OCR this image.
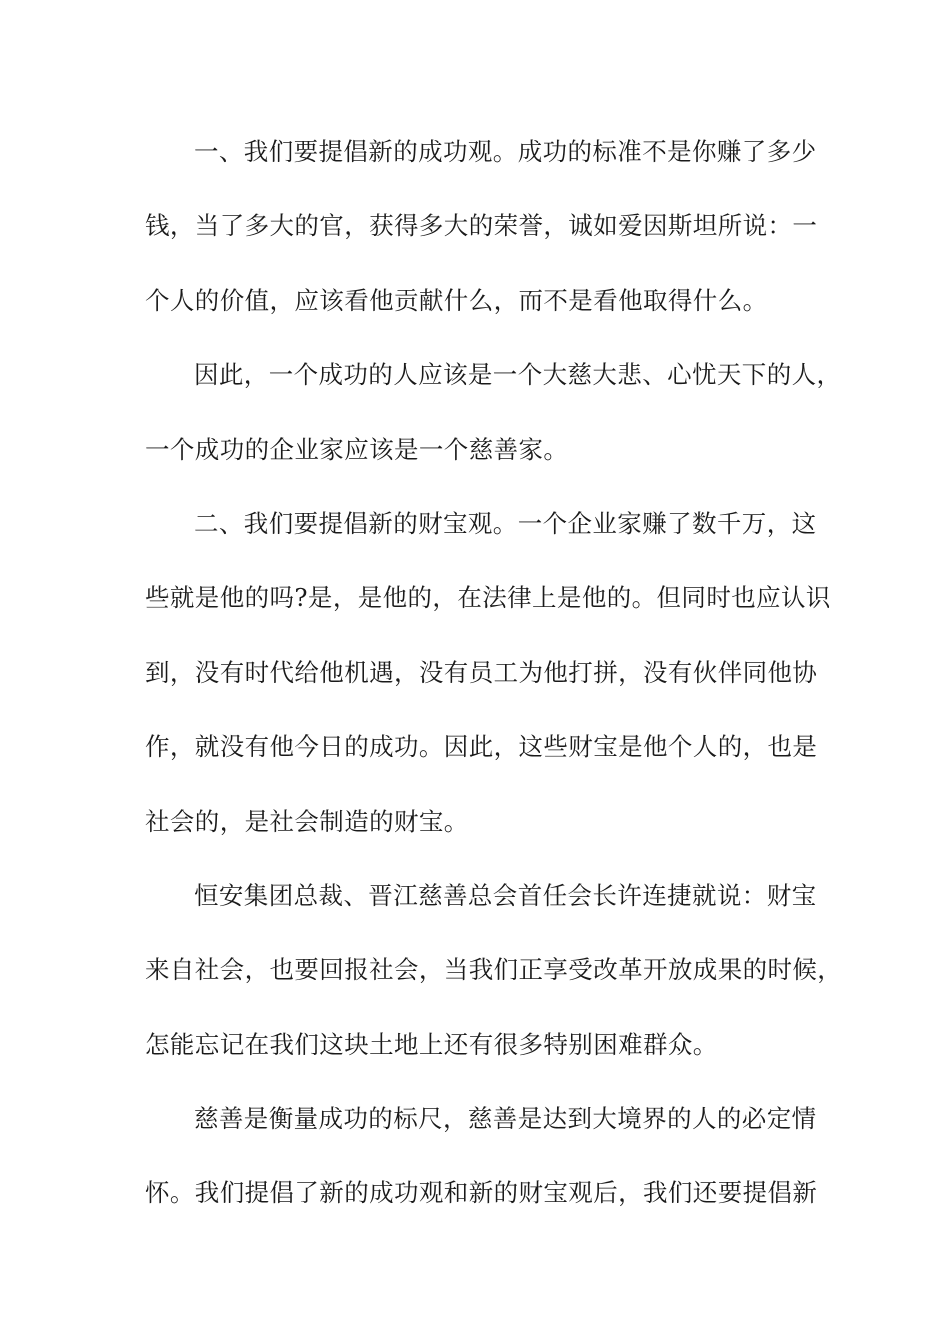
一、我们要提倡新的成功观。成功的标准不是你赚了多少
钱，当了多大的官，获得多大的荣誉，诚如爱因斯坦所说：一
个人的价值，应该看他贡献什么，而不是看他取得什么。
因此，一个成功的人应该是一个大慈大悲、心忧天下的人，
一个成功的企业家应该是一个慈善家。
二、我们要提倡新的财宝观。一个企业家赚了数千万，这
些就是他的吗?是，是他的，在法律上是他的。但同时也应认识
到，没有时代给他机遇，没有员工为他打拼，没有伙伴同他协
作，就没有他今日的成功。因此，这些财宝是他个人的，也是
社会的，是社会制造的财宝。
恒安集团总裁、晋江慈善总会首任会长许连捷就说：财宝
来自社会，也要回报社会，当我们正享受改革开放成果的时候，
怎能忘记在我们这块土地上还有很多特别困难群众。
慈善是衡量成功的标尺，慈善是达到大境界的人的必定情
怀。我们提倡了新的成功观和新的财宝观后，我们还要提倡新
